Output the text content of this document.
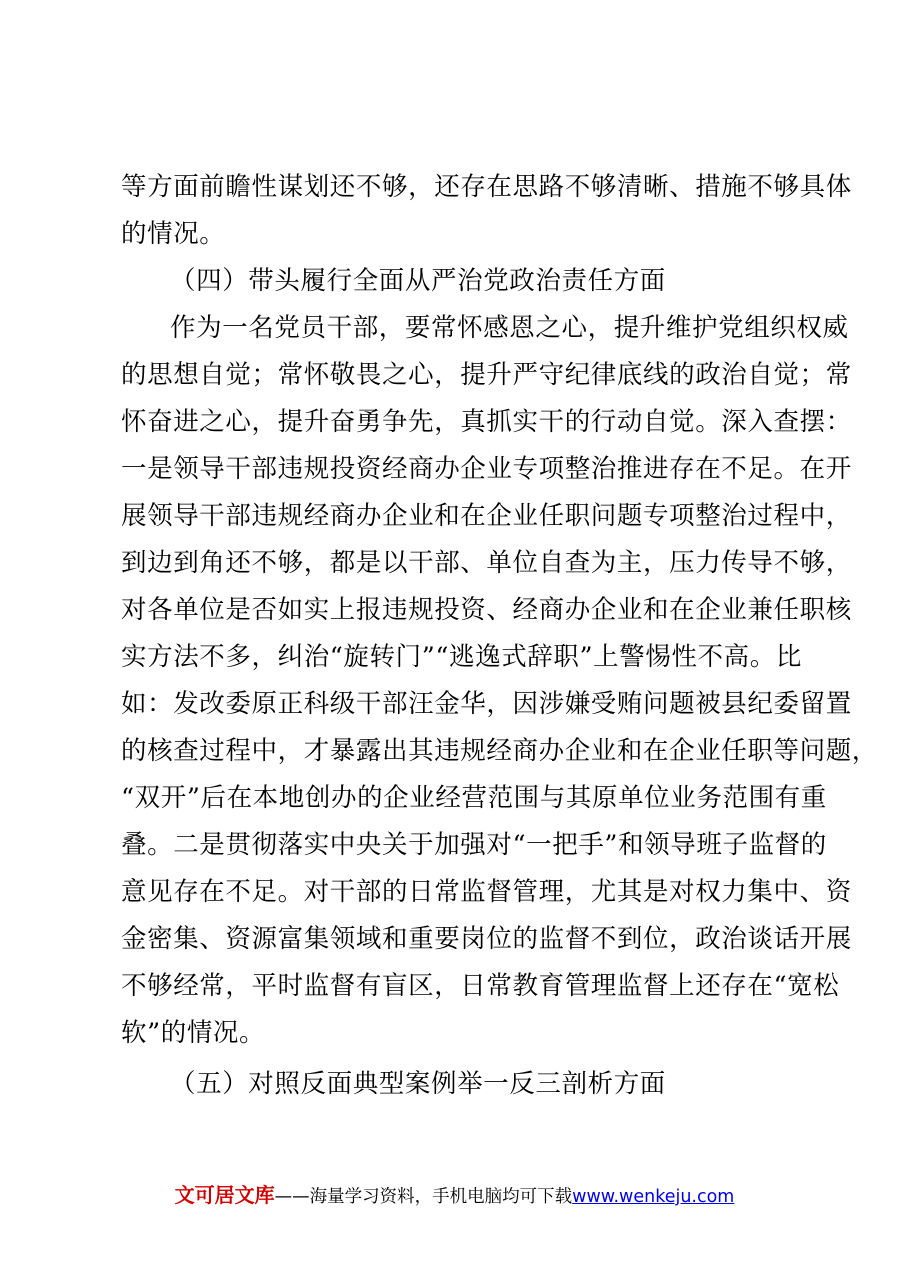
等方面前瞻性谋划还不够，还存在思路不够清晰、措施不够具体
的情况。
（四）带头履行全面从严治党政治责任方面
作为一名党员干部，要常怀感恩之心，提升维护党组织权威
的思想自觉；常怀敬畏之心，提升严守纪律底线的政治自觉；常
怀奋进之心，提升奋勇争先，真抓实干的行动自觉。深入查摆：
一是领导干部违规投资经商办企业专项整治推进存在不足。在开
展领导干部违规经商办企业和在企业任职问题专项整治过程中，
到边到角还不够，都是以干部、单位自查为主，压力传导不够，
对各单位是否如实上报违规投资、经商办企业和在企业兼任职核
实方法不多，纠治“旋转门”“逃逸式辞职”上警惕性不高。比
如：发改委原正科级干部汪金华，因涉嫌受贿问题被县纪委留置
的核查过程中，才暴露出其违规经商办企业和在企业任职等问题，
“双开”后在本地创办的企业经营范围与其原单位业务范围有重
叠。二是贯彻落实中央关于加强对“一把手”和领导班子监督的
意见存在不足。对干部的日常监督管理，尤其是对权力集中、资
金密集、资源富集领域和重要岗位的监督不到位，政治谈话开展
不够经常，平时监督有盲区，日常教育管理监督上还存在“宽松
软”的情况。
（五）对照反面典型案例举一反三剖析方面
文可居文库——海量学习资料，手机电脑均可下载www.wenkeju.com
